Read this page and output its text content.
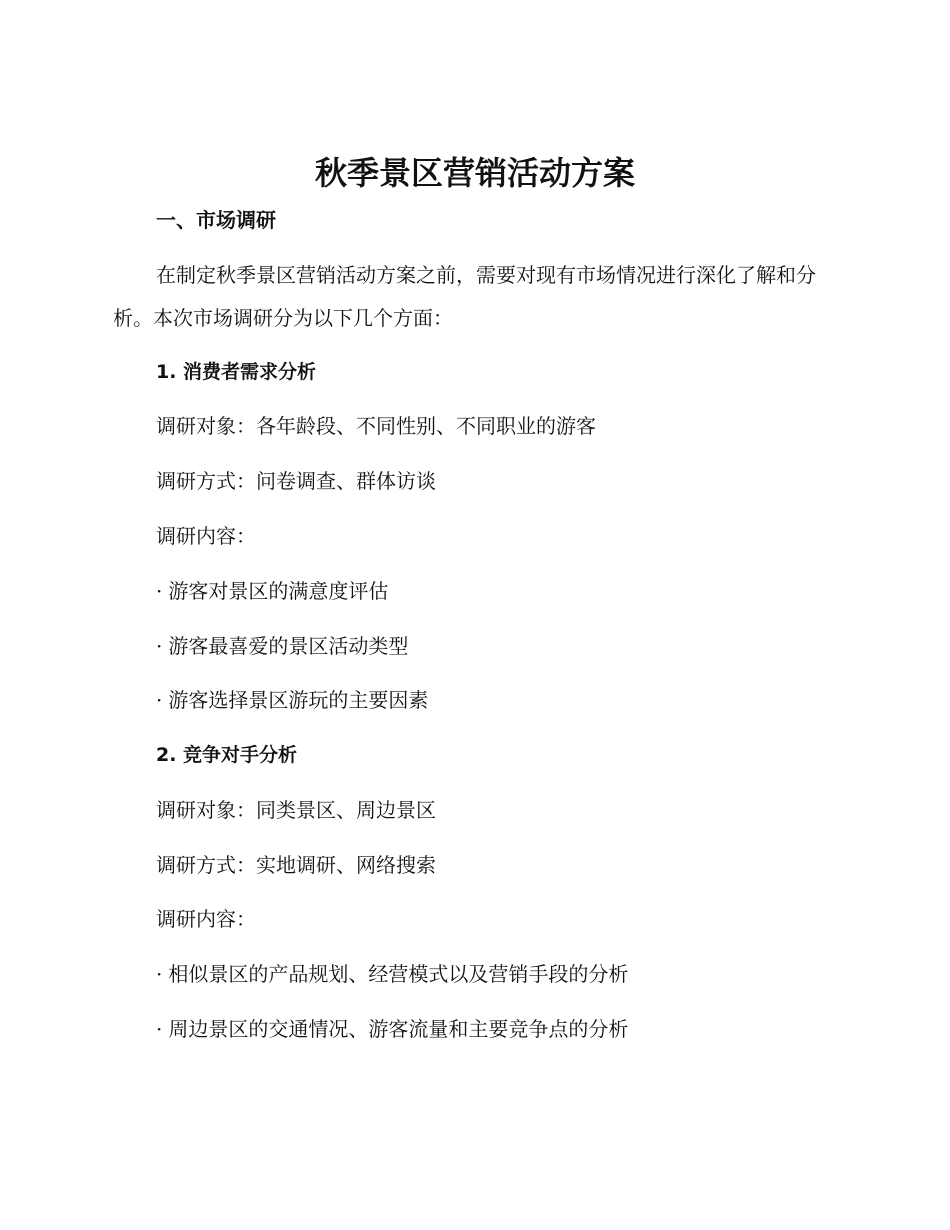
秋季景区营销活动方案
一、市场调研

在制定秋季景区营销活动方案之前，需要对现有市场情况进行深化了解和分析。本次市场调研分为以下几个方面：

1. 消费者需求分析

调研对象：各年龄段、不同性别、不同职业的游客

调研方式：问卷调查、群体访谈

调研内容：

· 游客对景区的满意度评估

· 游客最喜爱的景区活动类型

· 游客选择景区游玩的主要因素

2. 竞争对手分析

调研对象：同类景区、周边景区

调研方式：实地调研、网络搜索

调研内容：

· 相似景区的产品规划、经营模式以及营销手段的分析

· 周边景区的交通情况、游客流量和主要竞争点的分析
